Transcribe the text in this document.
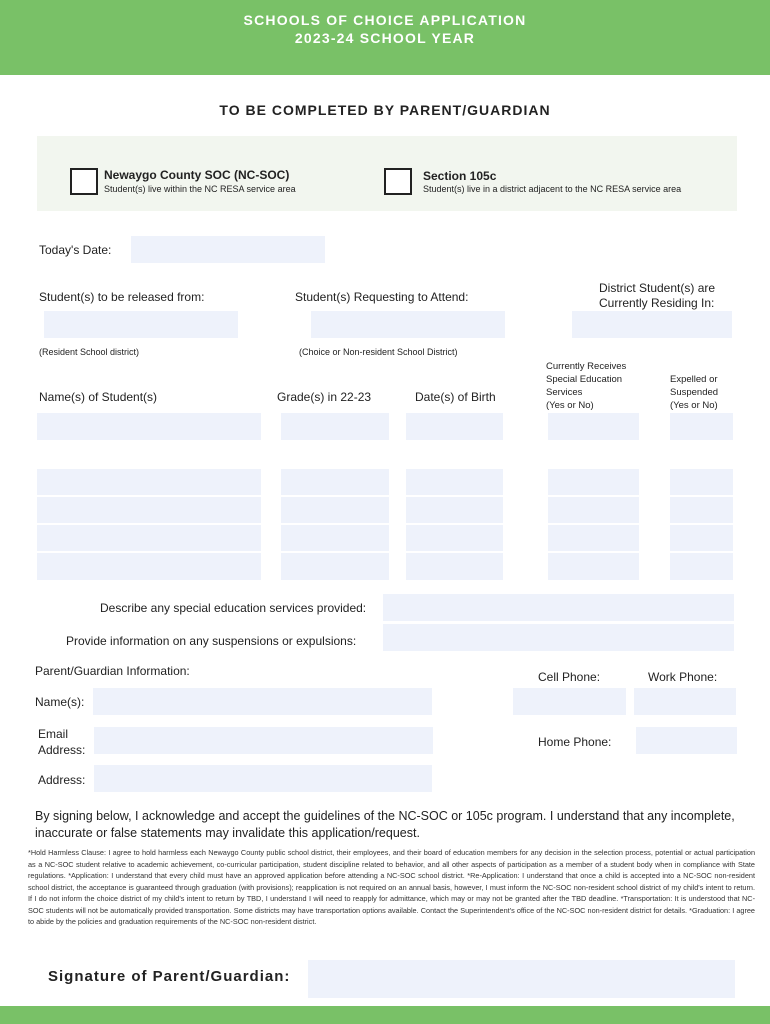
SCHOOLS OF CHOICE APPLICATION
2023-24 SCHOOL YEAR
TO BE COMPLETED BY PARENT/GUARDIAN
Newaygo County SOC (NC-SOC)
Student(s) live within the NC RESA service area
Section 105c
Student(s) live in a district adjacent to the NC RESA service area
Today's Date:
Student(s) to be released from:	Student(s) Requesting to Attend:
District Student(s) are
Currently Residing In:
(Resident School district)	(Choice or Non-resident School District)
Name(s) of Student(s)	Grade(s) in 22-23	Date(s) of Birth
Currently Receives
Special Education
Services
(Yes or No)
Expelled or
Suspended
(Yes or No)
Describe any special education services provided:
Provide information on any suspensions or expulsions:
Parent/Guardian Information:	Cell Phone:	Work Phone:
Name(s):
Email
Address:
Home Phone:
Address:
By signing below, I acknowledge and accept the guidelines of the NC-SOC or 105c program. I understand that any incomplete, inaccurate or false statements may invalidate this application/request.
*Hold Harmless Clause: I agree to hold harmless each Newaygo County public school district, their employees, and their board of education members for any decision in the selection process, potential or actual participation as a NC-SOC student relative to academic achievement, co-curricular participation, student discipline related to behavior, and all other aspects of participation as a member of a student body when in compliance with State regulations. *Application: I understand that every child must have an approved application before attending a NC-SOC school district. *Re-Application: I understand that once a child is accepted into a NC-SOC non-resident school district, the acceptance is guaranteed through graduation (with provisions); reapplication is not required on an annual basis, however, I must inform the NC-SOC non-resident school district of my child's intent to return. If I do not inform the choice district of my child's intent to return by TBD, I understand I will need to reapply for admittance, which may or may not be granted after the TBD deadline. *Transportation: It is understood that NC-SOC students will not be automatically provided transportation. Some districts may have transportation options available. Contact the Superintendent's office of the NC-SOC non-resident district for details. *Graduation: I agree to abide by the policies and graduation requirements of the NC-SOC non-resident district.
Signature of Parent/Guardian:
